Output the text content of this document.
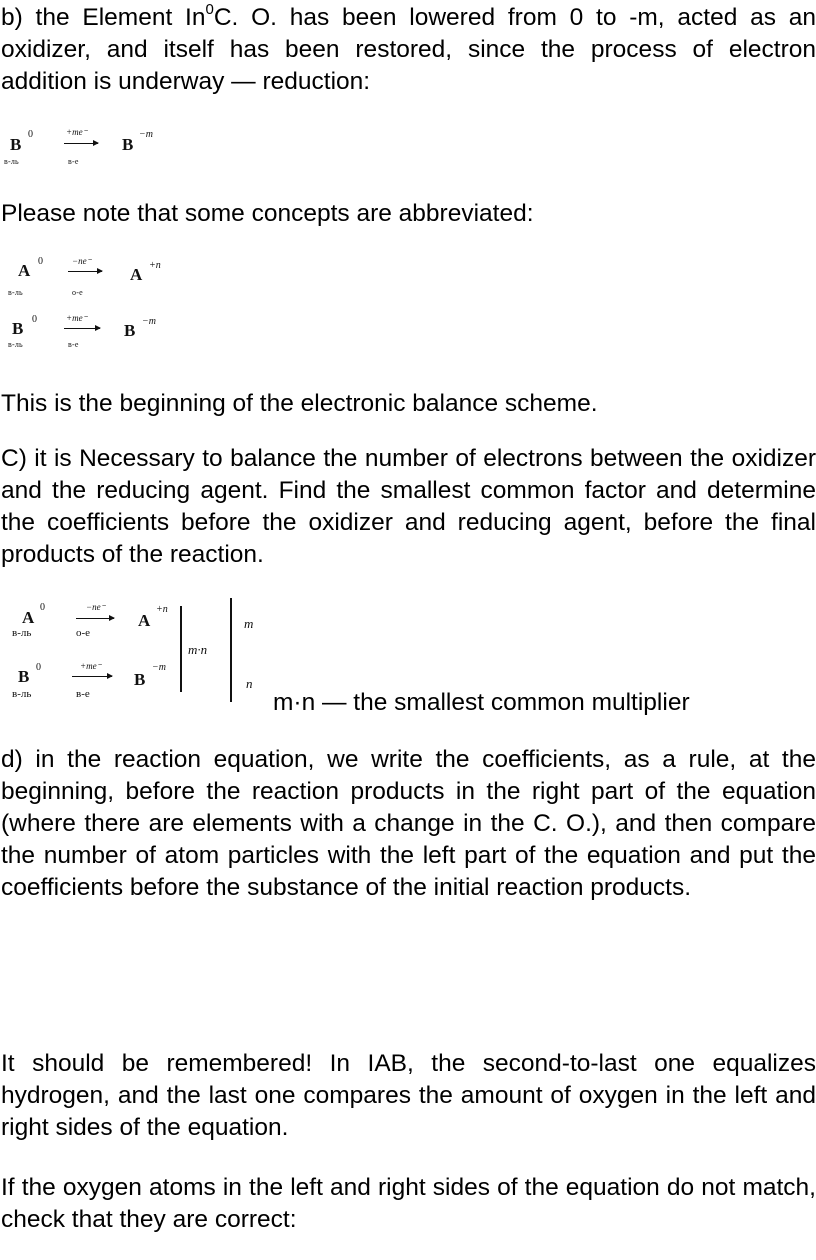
b) the Element In$^0$C. O. has been lowered from 0 to -m, acted as an oxidizer, and itself has been restored, since the process of electron addition is underway — reduction:

B
0
в-ль
+me⁻
в-е
B
−m

Please note that some concepts are abbreviated:

A 0
в-ль
−ne⁻
о-е
A +n
B 0
в-ль
+me⁻
в-е
B −m

This is the beginning of the electronic balance scheme.

C) it is Necessary to balance the number of electrons between the oxidizer and the reducing agent. Find the smallest common factor and determine the coefficients before the oxidizer and reducing agent, before the final products of the reaction.

A
0
в-ль
−ne⁻
о-е
A
+n
B 0
в-ль
+me⁻
в-е
B
−m
m·n
m
n

m·n — the smallest common multiplier

d) in the reaction equation, we write the coefficients, as a rule, at the beginning, before the reaction products in the right part of the equation (where there are elements with a change in the C. O.), and then compare the number of atom particles with the left part of the equation and put the coefficients before the substance of the initial reaction products.

It should be remembered! In IAB, the second-to-last one equalizes hydrogen, and the last one compares the amount of oxygen in the left and right sides of the equation.

If the oxygen atoms in the left and right sides of the equation do not match, check that they are correct:
